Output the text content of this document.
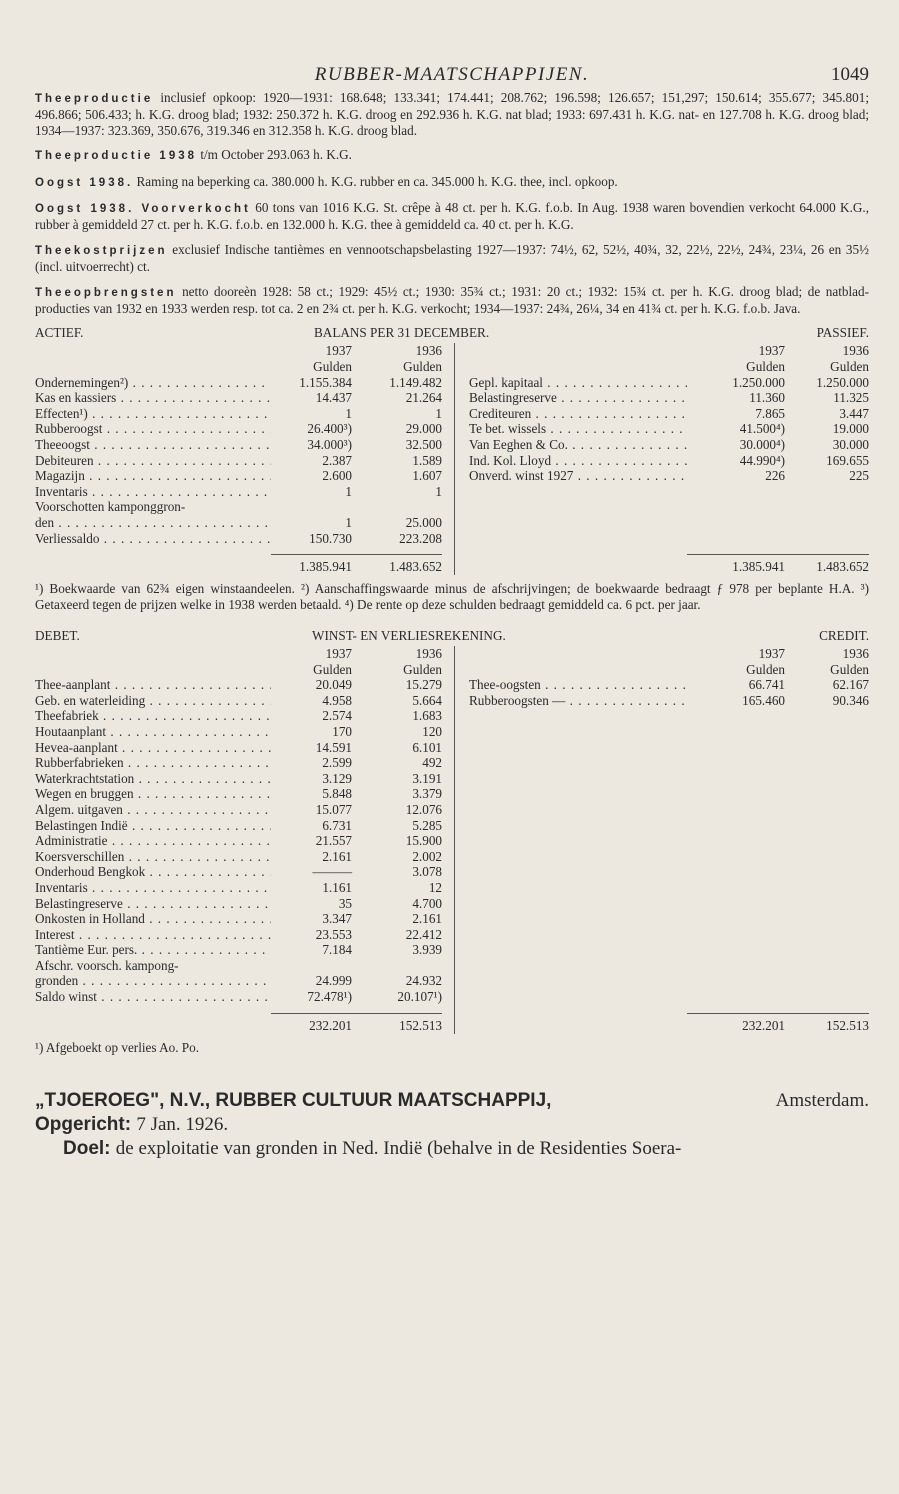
RUBBER-MAATSCHAPPIJEN.	1049

Theeproductie inclusief opkoop: 1920—1931: 168.648; 133.341; 174.441; 208.762; 196.598; 126.657; 151,297; 150.614; 355.677; 345.801; 496.866; 506.433; h. K.G. droog blad; 1932: 250.372 h. K.G. droog en 292.936 h. K.G. nat blad; 1933: 697.431 h. K.G. nat- en 127.708 h. K.G. droog blad; 1934—1937: 323.369, 350.676, 319.346 en 312.358 h. K.G. droog blad.

Theeproductie 1938 t/m October 293.063 h. K.G.

Oogst 1938. Raming na beperking ca. 380.000 h. K.G. rubber en ca. 345.000 h. K.G. thee, incl. opkoop.

Oogst 1938. Voorverkocht 60 tons van 1016 K.G. St. crêpe à 48 ct. per h. K.G. f.o.b. In Aug. 1938 waren bovendien verkocht 64.000 K.G., rubber à gemiddeld 27 ct. per h. K.G. f.o.b. en 132.000 h. K.G. thee à gemiddeld ca. 40 ct. per h. K.G.

Theekostprijzen exclusief Indische tantièmes en vennootschapsbelasting 1927—1937: 74½, 62, 52½, 40¾, 32, 22½, 22½, 24¾, 23¼, 26 en 35½ (incl. uitvoerrecht) ct.

Theeopbrengsten netto dooreèn 1928: 58 ct.; 1929: 45½ ct.; 1930: 35¾ ct.; 1931: 20 ct.; 1932: 15¾ ct. per h. K.G. droog blad; de natblad-producties van 1932 en 1933 werden resp. tot ca. 2 en 2¾ ct. per h. K.G. verkocht; 1934—1937: 24¾, 26¼, 34 en 41¾ ct. per h. K.G. f.o.b. Java.

ACTIEF.	BALANS PER 31 DECEMBER.	PASSIEF.
1937	1936
Gulden	Gulden
Ondernemingen²) . . .	1.155.384	1.149.482
Kas en kassiers . . .	14.437	21.264
Effecten¹) . . .	1	1
Rubberoogst . . .	26.400³)	29.000
Theeoogst . . .	34.000³)	32.500
Debiteuren . . .	2.387	1.589
Magazijn . . .	2.600	1.607
Inventaris . . .	1	1
Voorschotten kamponggron-
den . . .	1	25.000
Verliessaldo . . .	150.730	223.208
1937	1936
Gulden	Gulden
Gepl. kapitaal . . .	1.250.000	1.250.000
Belastingreserve . . .	11.360	11.325
Crediteuren . . .	7.865	3.447
Te bet. wissels . . .	41.500⁴)	19.000
Van Eeghen & Co. . . .	30.000⁴)	30.000
Ind. Kol. Lloyd . . .	44.990⁴)	169.655
Onverd. winst 1927 . . .	226	225
1.385.941	1.483.652	1.385.941	1.483.652
¹) Boekwaarde van 62¾ eigen winstaandeelen. ²) Aanschaffingswaarde minus de afschrijvingen; de boekwaarde bedraagt ƒ 978 per beplante H.A. ³) Getaxeerd tegen de prijzen welke in 1938 werden betaald. ⁴) De rente op deze schulden bedraagt gemiddeld ca. 6 pct. per jaar.
DEBET.	WINST- EN VERLIESREKENING.	CREDIT.
1937	1936
Gulden	Gulden
Thee-aanplant . . .	20.049	15.279
Geb. en waterleiding . . .	4.958	5.664
Theefabriek . . .	2.574	1.683
Houtaanplant . . .	170	120
Hevea-aanplant . . .	14.591	6.101
Rubberfabrieken . . .	2.599	492
Waterkrachtstation . . .	3.129	3.191
Wegen en bruggen . . .	5.848	3.379
Algem. uitgaven . . .	15.077	12.076
Belastingen Indië . . .	6.731	5.285
Administratie . . .	21.557	15.900
Koersverschillen . . .	2.161	2.002
Onderhoud Bengkok . . .	———	3.078
Inventaris . . .	1.161	12
Belastingreserve . . .	35	4.700
Onkosten in Holland . . .	3.347	2.161
Interest . . .	23.553	22.412
Tantième Eur. pers. . . .	7.184	3.939
Afschr. voorsch. kampong-
gronden . . .	24.999	24.932
Saldo winst . . .	72.478¹)	20.107¹)
1937	1936
Gulden	Gulden
Thee-oogsten . . .	66.741	62.167
Rubberoogsten — . . .	165.460	90.346
232.201	152.513	232.201	152.513
¹) Afgeboekt op verlies Ao. Po.
„TJOEROEG", N.V., RUBBER CULTUUR MAATSCHAPPIJ,	Amsterdam.
Opgericht: 7 Jan. 1926.
Doel: de exploitatie van gronden in Ned. Indië (behalve in de Residenties Soera-
